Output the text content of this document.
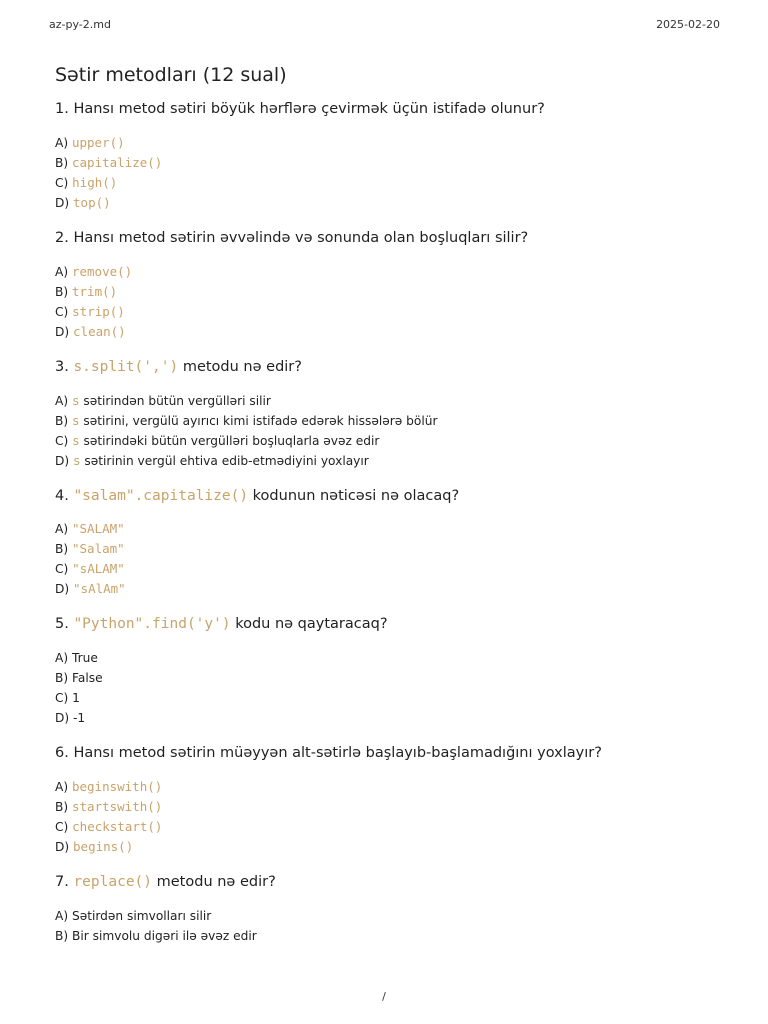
az-py-2.md	2025-02-20
Sətir metodları (12 sual)

1. Hansı metod sətiri böyük hərflərə çevirmək üçün istifadə olunur?

A) upper()
B) capitalize()
C) high()
D) top()

2. Hansı metod sətirin əvvəlində və sonunda olan boşluqları silir?

A) remove()
B) trim()
C) strip()
D) clean()

3. s.split(',') metodu nə edir?

A) s sətirindən bütün vergülləri silir
B) s sətirini, vergülü ayırıcı kimi istifadə edərək hissələrə bölür
C) s sətirindəki bütün vergülləri boşluqlarla əvəz edir
D) s sətirinin vergül ehtiva edib-etmədiyini yoxlayır

4. "salam".capitalize() kodunun nəticəsi nə olacaq?

A) "SALAM"
B) "Salam"
C) "sALAM"
D) "sAlAm"

5. "Python".find('y') kodu nə qaytaracaq?

A) True
B) False
C) 1
D) -1

6. Hansı metod sətirin müəyyən alt-sətirlə başlayıb-başlamadığını yoxlayır?

A) beginswith()
B) startswith()
C) checkstart()
D) begins()

7. replace() metodu nə edir?

A) Sətirdən simvolları silir
B) Bir simvolu digəri ilə əvəz edir
/
